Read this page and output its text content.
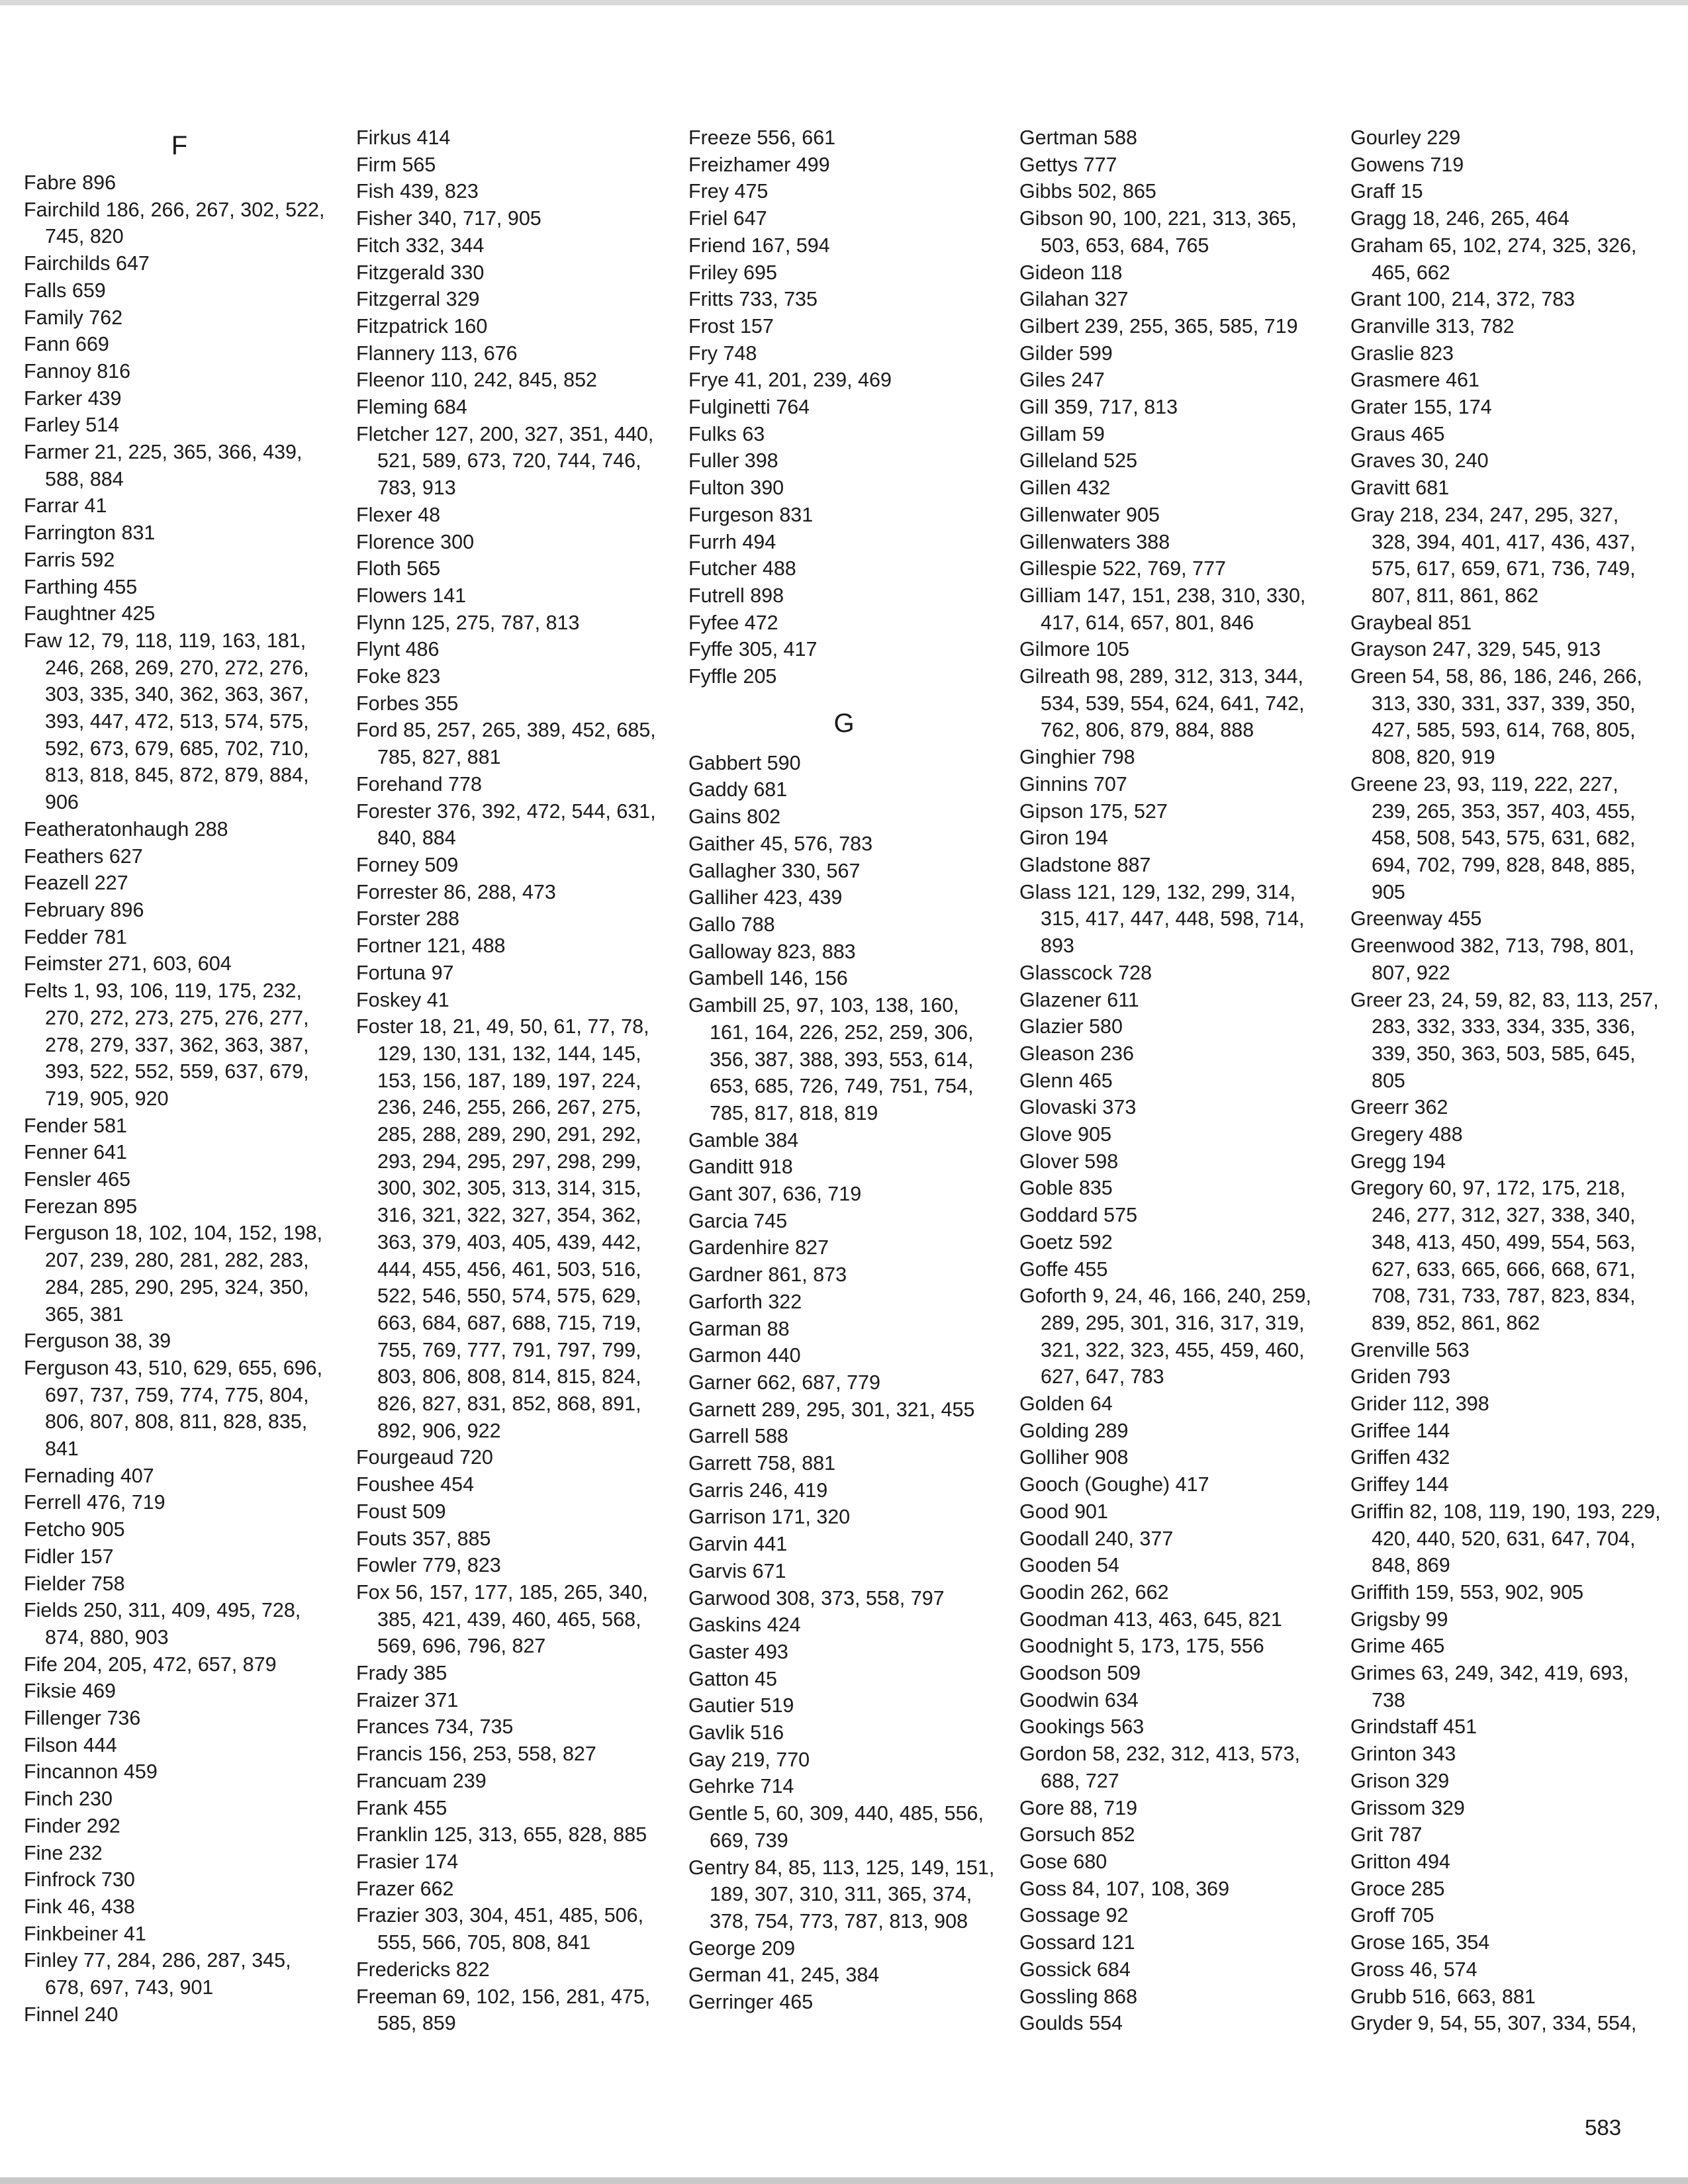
F

Fabre 896

Fairchild 186, 266, 267, 302, 522, 745, 820

Fairchilds 647

Falls 659

Family 762

Fann 669

Fannoy 816

Farker 439

Farley 514

Farmer 21, 225, 365, 366, 439, 588, 884

Farrar 41

Farrington 831

Farris 592

Farthing 455

Faughtner 425

Faw 12, 79, 118, 119, 163, 181, 246, 268, 269, 270, 272, 276, 303, 335, 340, 362, 363, 367, 393, 447, 472, 513, 574, 575, 592, 673, 679, 685, 702, 710, 813, 818, 845, 872, 879, 884, 906

Featheratonhaugh 288

Feathers 627

Feazell 227

February 896

Fedder 781

Feimster 271, 603, 604

Felts 1, 93, 106, 119, 175, 232, 270, 272, 273, 275, 276, 277, 278, 279, 337, 362, 363, 387, 393, 522, 552, 559, 637, 679, 719, 905, 920

Fender 581

Fenner 641

Fensler 465

Ferezan 895

Ferguson 18, 102, 104, 152, 198, 207, 239, 280, 281, 282, 283, 284, 285, 290, 295, 324, 350, 365, 381

Ferguson 38, 39

Ferguson 43, 510, 629, 655, 696, 697, 737, 759, 774, 775, 804, 806, 807, 808, 811, 828, 835, 841

Fernading 407

Ferrell 476, 719

Fetcho 905

Fidler 157

Fielder 758

Fields 250, 311, 409, 495, 728, 874, 880, 903

Fife 204, 205, 472, 657, 879

Fiksie 469

Fillenger 736

Filson 444

Fincannon 459

Finch 230

Finder 292

Fine 232

Finfrock 730

Fink 46, 438

Finkbeiner 41

Finley 77, 284, 286, 287, 345, 678, 697, 743, 901

Finnel 240

Firkus 414

Firm 565

Fish 439, 823

Fisher 340, 717, 905

Fitch 332, 344

Fitzgerald 330

Fitzgerral 329

Fitzpatrick 160

Flannery 113, 676

Fleenor 110, 242, 845, 852

Fleming 684

Fletcher 127, 200, 327, 351, 440, 521, 589, 673, 720, 744, 746, 783, 913

Flexer 48

Florence 300

Floth 565

Flowers 141

Flynn 125, 275, 787, 813

Flynt 486

Foke 823

Forbes 355

Ford 85, 257, 265, 389, 452, 685, 785, 827, 881

Forehand 778

Forester 376, 392, 472, 544, 631, 840, 884

Forney 509

Forrester 86, 288, 473

Forster 288

Fortner 121, 488

Fortuna 97

Foskey 41

Foster 18, 21, 49, 50, 61, 77, 78, 129, 130, 131, 132, 144, 145, 153, 156, 187, 189, 197, 224, 236, 246, 255, 266, 267, 275, 285, 288, 289, 290, 291, 292, 293, 294, 295, 297, 298, 299, 300, 302, 305, 313, 314, 315, 316, 321, 322, 327, 354, 362, 363, 379, 403, 405, 439, 442, 444, 455, 456, 461, 503, 516, 522, 546, 550, 574, 575, 629, 663, 684, 687, 688, 715, 719, 755, 769, 777, 791, 797, 799, 803, 806, 808, 814, 815, 824, 826, 827, 831, 852, 868, 891, 892, 906, 922

Fourgeaud 720

Foushee 454

Foust 509

Fouts 357, 885

Fowler 779, 823

Fox 56, 157, 177, 185, 265, 340, 385, 421, 439, 460, 465, 568, 569, 696, 796, 827

Frady 385

Fraizer 371

Frances 734, 735

Francis 156, 253, 558, 827

Francuam 239

Frank 455

Franklin 125, 313, 655, 828, 885

Frasier 174

Frazer 662

Frazier 303, 304, 451, 485, 506, 555, 566, 705, 808, 841

Fredericks 822

Freeman 69, 102, 156, 281, 475, 585, 859

Freeze 556, 661

Freizhamer 499

Frey 475

Friel 647

Friend 167, 594

Friley 695

Fritts 733, 735

Frost 157

Fry 748

Frye 41, 201, 239, 469

Fulginetti 764

Fulks 63

Fuller 398

Fulton 390

Furgeson 831

Furrh 494

Futcher 488

Futrell 898

Fyfee 472

Fyffe 305, 417

Fyffle 205

G

Gabbert 590

Gaddy 681

Gains 802

Gaither 45, 576, 783

Gallagher 330, 567

Galliher 423, 439

Gallo 788

Galloway 823, 883

Gambell 146, 156

Gambill 25, 97, 103, 138, 160, 161, 164, 226, 252, 259, 306, 356, 387, 388, 393, 553, 614, 653, 685, 726, 749, 751, 754, 785, 817, 818, 819

Gamble 384

Ganditt 918

Gant 307, 636, 719

Garcia 745

Gardenhire 827

Gardner 861, 873

Garforth 322

Garman 88

Garmon 440

Garner 662, 687, 779

Garnett 289, 295, 301, 321, 455

Garrell 588

Garrett 758, 881

Garris 246, 419

Garrison 171, 320

Garvin 441

Garvis 671

Garwood 308, 373, 558, 797

Gaskins 424

Gaster 493

Gatton 45

Gautier 519

Gavlik 516

Gay 219, 770

Gehrke 714

Gentle 5, 60, 309, 440, 485, 556, 669, 739

Gentry 84, 85, 113, 125, 149, 151, 189, 307, 310, 311, 365, 374, 378, 754, 773, 787, 813, 908

George 209

German 41, 245, 384

Gerringer 465

Gertman 588

Gettys 777

Gibbs 502, 865

Gibson 90, 100, 221, 313, 365, 503, 653, 684, 765

Gideon 118

Gilahan 327

Gilbert 239, 255, 365, 585, 719

Gilder 599

Giles 247

Gill 359, 717, 813

Gillam 59

Gilleland 525

Gillen 432

Gillenwater 905

Gillenwaters 388

Gillespie 522, 769, 777

Gilliam 147, 151, 238, 310, 330, 417, 614, 657, 801, 846

Gilmore 105

Gilreath 98, 289, 312, 313, 344, 534, 539, 554, 624, 641, 742, 762, 806, 879, 884, 888

Ginghier 798

Ginnins 707

Gipson 175, 527

Giron 194

Gladstone 887

Glass 121, 129, 132, 299, 314, 315, 417, 447, 448, 598, 714, 893

Glasscock 728

Glazener 611

Glazier 580

Gleason 236

Glenn 465

Glovaski 373

Glove 905

Glover 598

Goble 835

Goddard 575

Goetz 592

Goffe 455

Goforth 9, 24, 46, 166, 240, 259, 289, 295, 301, 316, 317, 319, 321, 322, 323, 455, 459, 460, 627, 647, 783

Golden 64

Golding 289

Golliher 908

Gooch (Goughe) 417

Good 901

Goodall 240, 377

Gooden 54

Goodin 262, 662

Goodman 413, 463, 645, 821

Goodnight 5, 173, 175, 556

Goodson 509

Goodwin 634

Gookings 563

Gordon 58, 232, 312, 413, 573, 688, 727

Gore 88, 719

Gorsuch 852

Gose 680

Goss 84, 107, 108, 369

Gossage 92

Gossard 121

Gossick 684

Gossling 868

Goulds 554

Gourley 229

Gowens 719

Graff 15

Gragg 18, 246, 265, 464

Graham 65, 102, 274, 325, 326, 465, 662

Grant 100, 214, 372, 783

Granville 313, 782

Graslie 823

Grasmere 461

Grater 155, 174

Graus 465

Graves 30, 240

Gravitt 681

Gray 218, 234, 247, 295, 327, 328, 394, 401, 417, 436, 437, 575, 617, 659, 671, 736, 749, 807, 811, 861, 862

Graybeal 851

Grayson 247, 329, 545, 913

Green 54, 58, 86, 186, 246, 266, 313, 330, 331, 337, 339, 350, 427, 585, 593, 614, 768, 805, 808, 820, 919

Greene 23, 93, 119, 222, 227, 239, 265, 353, 357, 403, 455, 458, 508, 543, 575, 631, 682, 694, 702, 799, 828, 848, 885, 905

Greenway 455

Greenwood 382, 713, 798, 801, 807, 922

Greer 23, 24, 59, 82, 83, 113, 257, 283, 332, 333, 334, 335, 336, 339, 350, 363, 503, 585, 645, 805

Greerr 362

Gregery 488

Gregg 194

Gregory 60, 97, 172, 175, 218, 246, 277, 312, 327, 338, 340, 348, 413, 450, 499, 554, 563, 627, 633, 665, 666, 668, 671, 708, 731, 733, 787, 823, 834, 839, 852, 861, 862

Grenville 563

Griden 793

Grider 112, 398

Griffee 144

Griffen 432

Griffey 144

Griffin 82, 108, 119, 190, 193, 229, 420, 440, 520, 631, 647, 704, 848, 869

Griffith 159, 553, 902, 905

Grigsby 99

Grime 465

Grimes 63, 249, 342, 419, 693, 738

Grindstaff 451

Grinton 343

Grison 329

Grissom 329

Grit 787

Gritton 494

Groce 285

Groff 705

Grose 165, 354

Gross 46, 574

Grubb 516, 663, 881

Gryder 9, 54, 55, 307, 334, 554,

583
